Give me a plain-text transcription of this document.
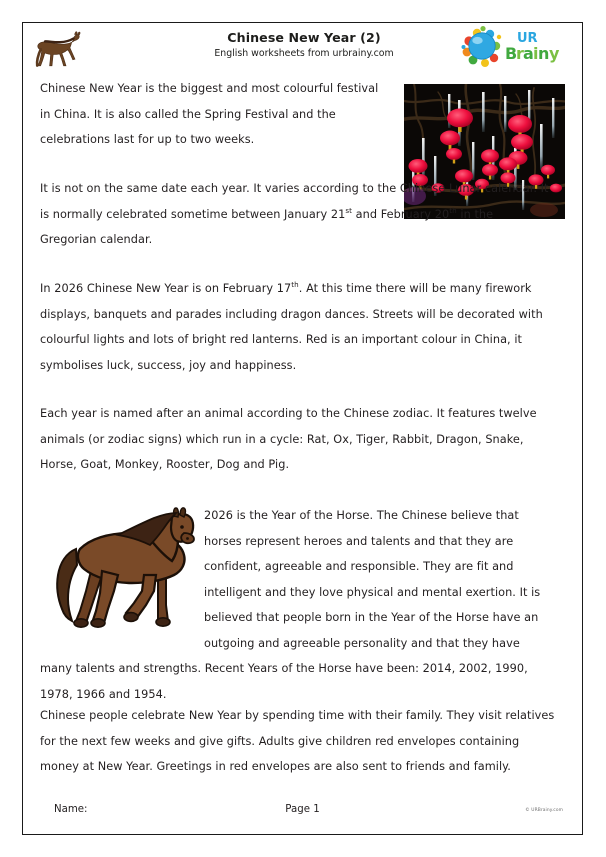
Chinese New Year (2)
English worksheets from urbrainy.com
UR
B
r a i n y

Chinese New Year is the biggest and most colourful festival in China. It is also called the Spring Festival and the celebrations last for up to two weeks.

It is not on the same date each year. It varies according to the Chinese Lunar calendar. It is normally celebrated sometime between January 21st and February 20th in the Gregorian calendar.

In 2026 Chinese New Year is on February 17th. At this time there will be many firework displays, banquets and parades including dragon dances. Streets will be decorated with colourful lights and lots of bright red lanterns. Red is an important colour in China, it symbolises luck, success, joy and happiness.

Each year is named after an animal according to the Chinese zodiac. It features twelve animals (or zodiac signs) which run in a cycle: Rat, Ox, Tiger, Rabbit, Dragon, Snake, Horse, Goat, Monkey, Rooster, Dog and Pig.

2026 is the Year of the Horse. The Chinese believe that horses represent heroes and talents and that they are confident, agreeable and responsible. They are fit and intelligent and they love physical and mental exertion. It is believed that people born in the Year of the Horse have an outgoing and agreeable personality and that they have many talents and strengths. Recent Years of the Horse have been: 2014, 2002, 1990, 1978, 1966 and 1954.

Chinese people celebrate New Year by spending time with their family. They visit relatives for the next few weeks and give gifts. Adults give children red envelopes containing money at New Year. Greetings in red envelopes are also sent to friends and family.

Name:	Page 1	© URBrainy.com
